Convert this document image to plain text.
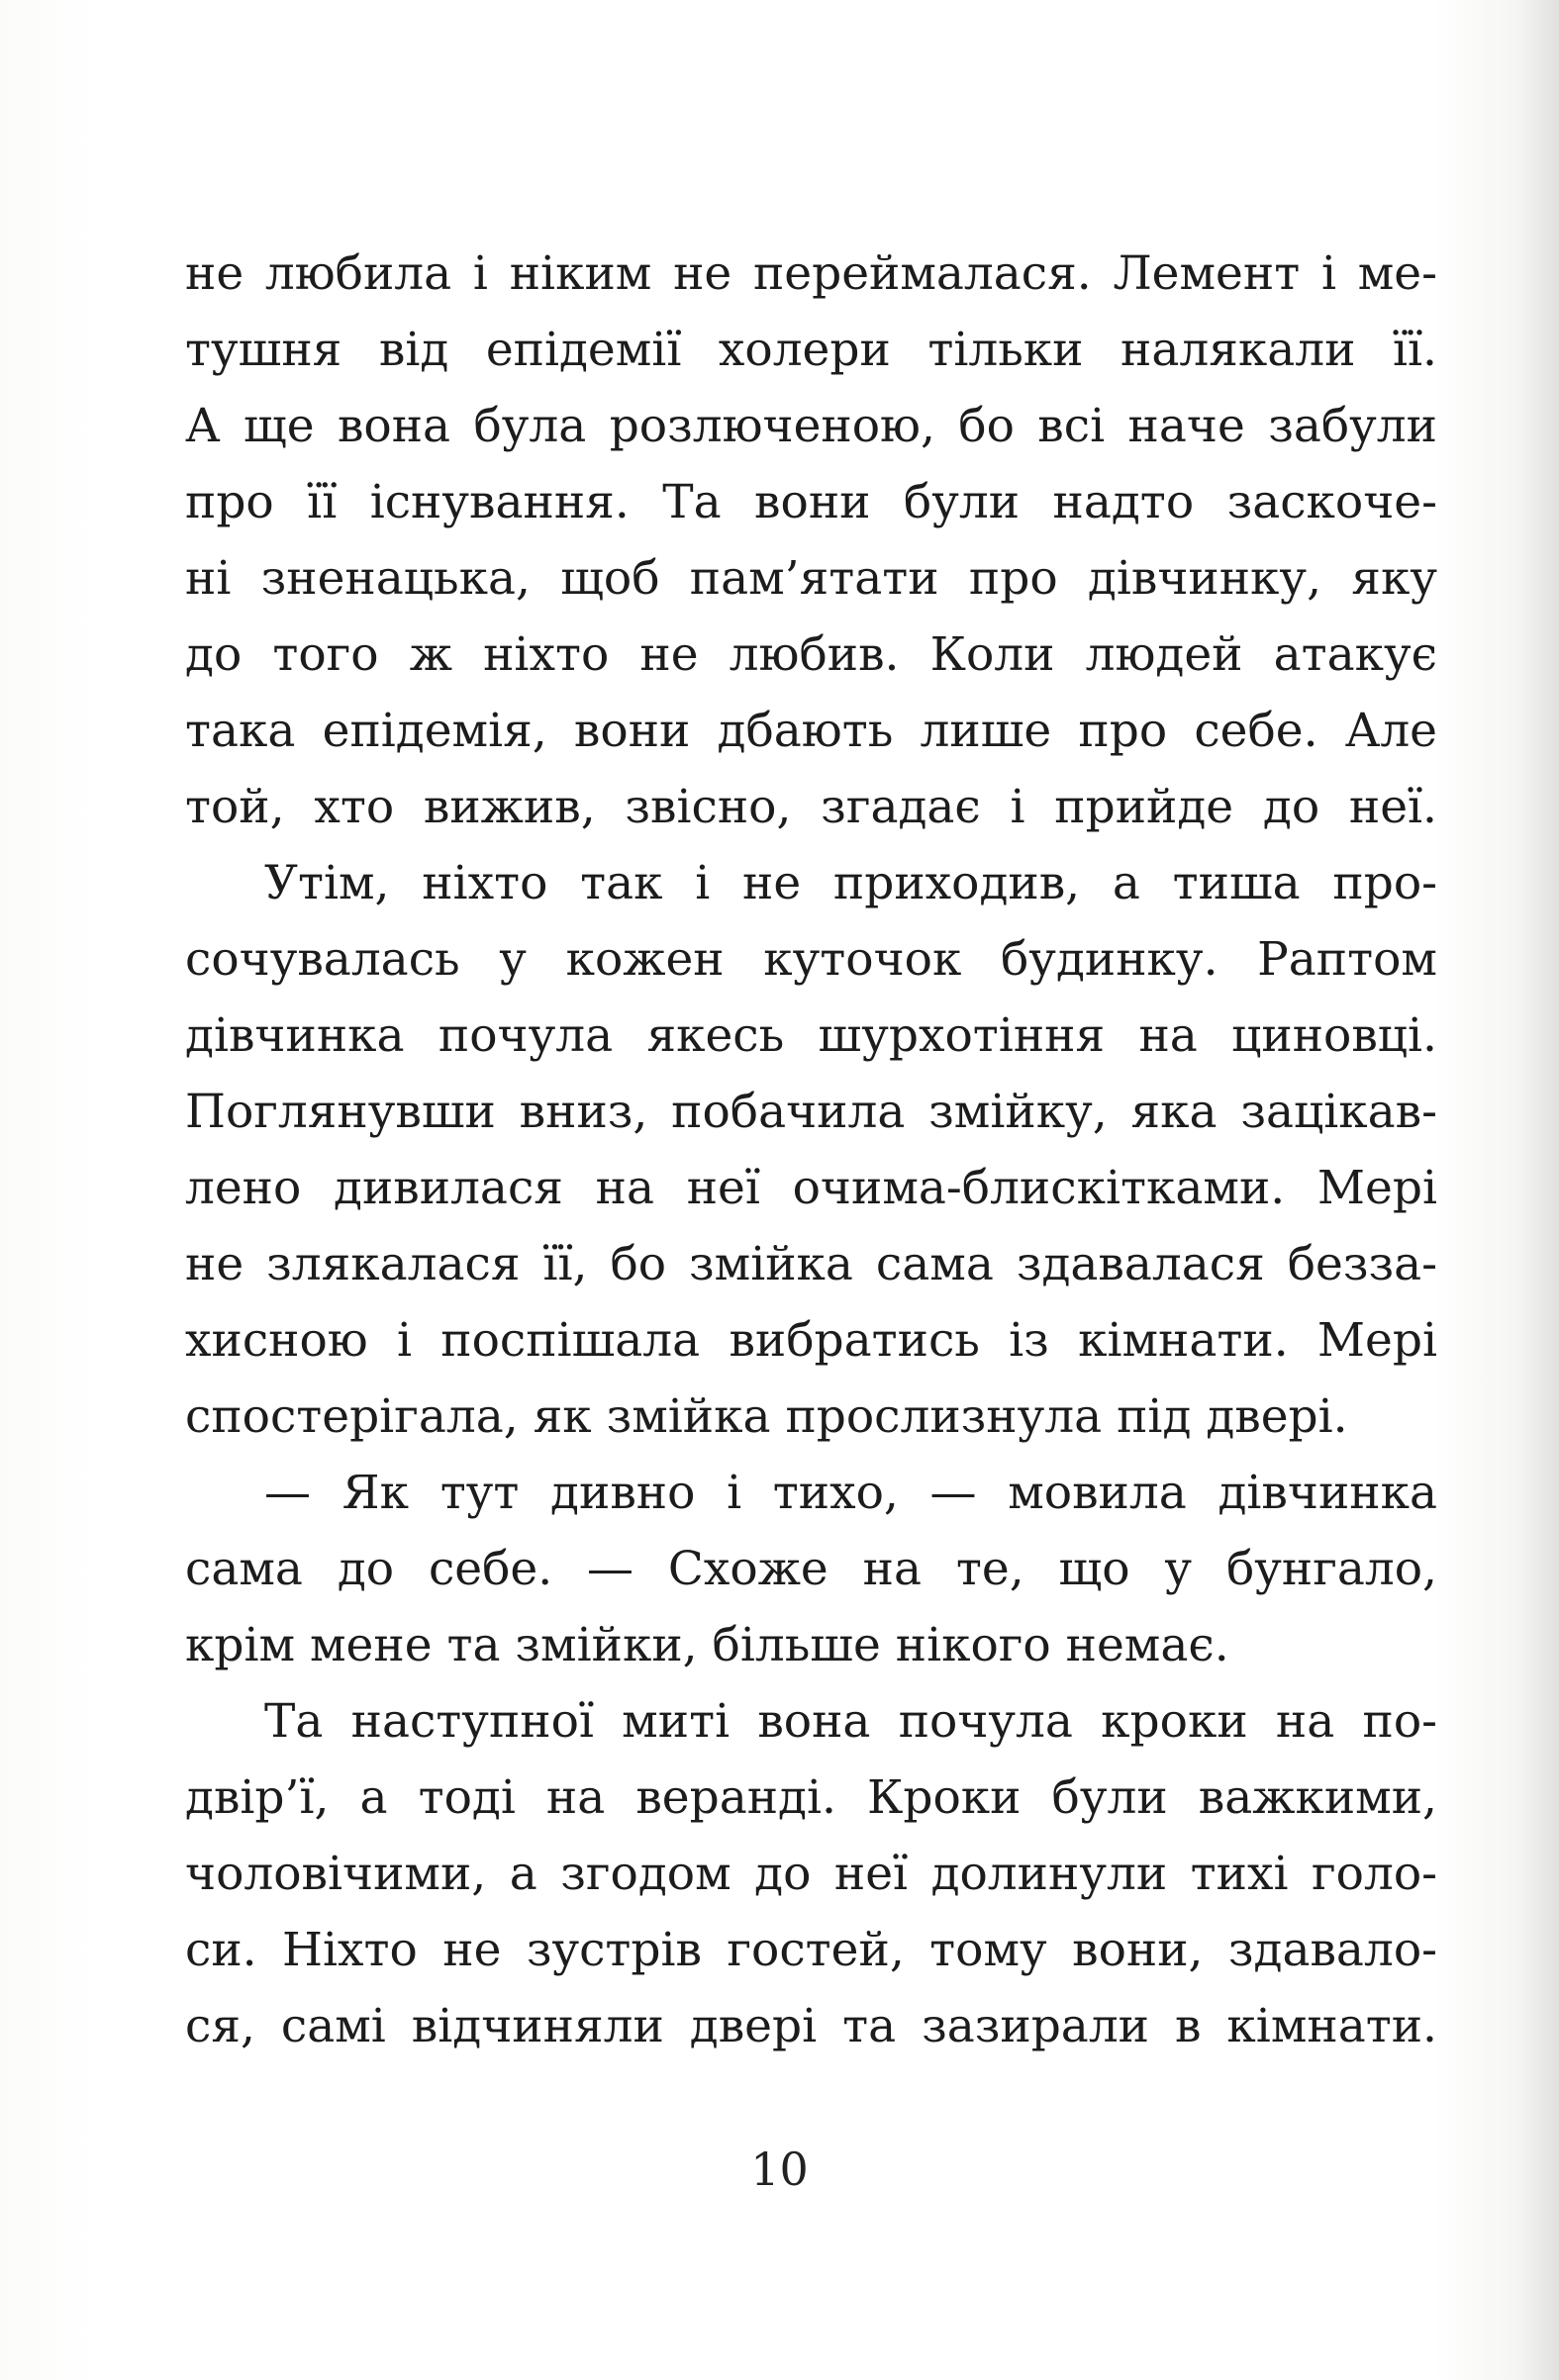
не любила і ніким не переймалася. Лемент і ме-
тушня від епідемії холери тільки налякали її.
А ще вона була розлюченою, бо всі наче забули
про її існування. Та вони були надто заскоче-
ні зненацька, щоб пам’ятати про дівчинку, яку
до того ж ніхто не любив. Коли людей атакує
така епідемія, вони дбають лише про себе. Але
той, хто вижив, звісно, згадає і прийде до неї.
Утім, ніхто так і не приходив, а тиша про-
сочувалась у кожен куточок будинку. Раптом
дівчинка почула якесь шурхотіння на циновці.
Поглянувши вниз, побачила змійку, яка зацікав-
лено дивилася на неї очима-блискітками. Мері
не злякалася її, бо змійка сама здавалася безза-
хисною і поспішала вибратись із кімнати. Мері
спостерігала, як змійка прослизнула під двері.
— Як тут дивно і тихо, — мовила дівчинка
сама до себе. — Схоже на те, що у бунгало,
крім мене та змійки, більше нікого немає.
Та наступної миті вона почула кроки на по-
двір’ї, а тоді на веранді. Кроки були важкими,
чоловічими, а згодом до неї долинули тихі голо-
си. Ніхто не зустрів гостей, тому вони, здавало-
ся, самі відчиняли двері та зазирали в кімнати.
10
